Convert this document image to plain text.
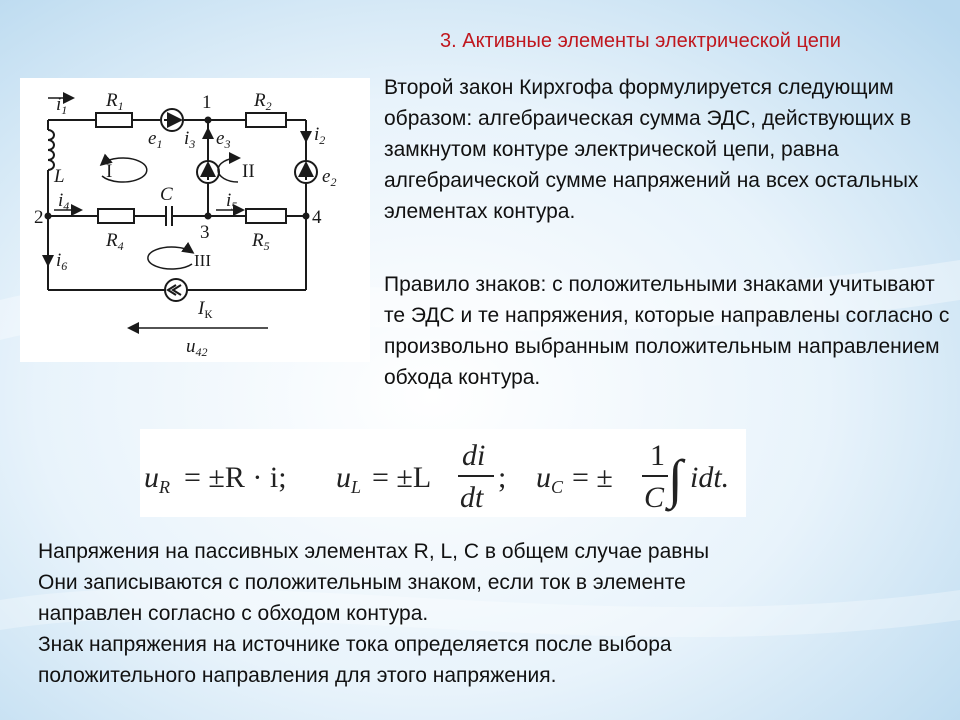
3. Активные элементы электрической цепи
$i_1$ $R_1$	$R_2$
1
$e_1$ $i_3$ $e_3$	$i_2$
I	II
L
C
$e_2$
2
$i_4$	$i_5$
4
$R_4$
3 $R_5$
$i_6$	III
$I_К$
$u_{42}$

Второй закон Кирхгофа формулируется следующим образом: алгебраическая сумма ЭДС, действующих в замкнутом контуре электрической цепи, равна алгебраической сумме напряжений на всех остальных элементах контура.

Правило знаков: с положительными знаками учитывают те ЭДС и те напряжения, которые направлены согласно с произвольно выбранным положительным направлением обхода контура.

$u_R = \pm R \cdot i$; $u_L = \pm L$
di
dt
; $u_C$ = ±
1
C ∫ idt.
Напряжения на пассивных элементах R, L, C в общем случае равны
Они записываются с положительным знаком, если ток в элементе
направлен согласно с обходом контура.
Знак напряжения на источнике тока определяется после выбора
положительного направления для этого напряжения.
